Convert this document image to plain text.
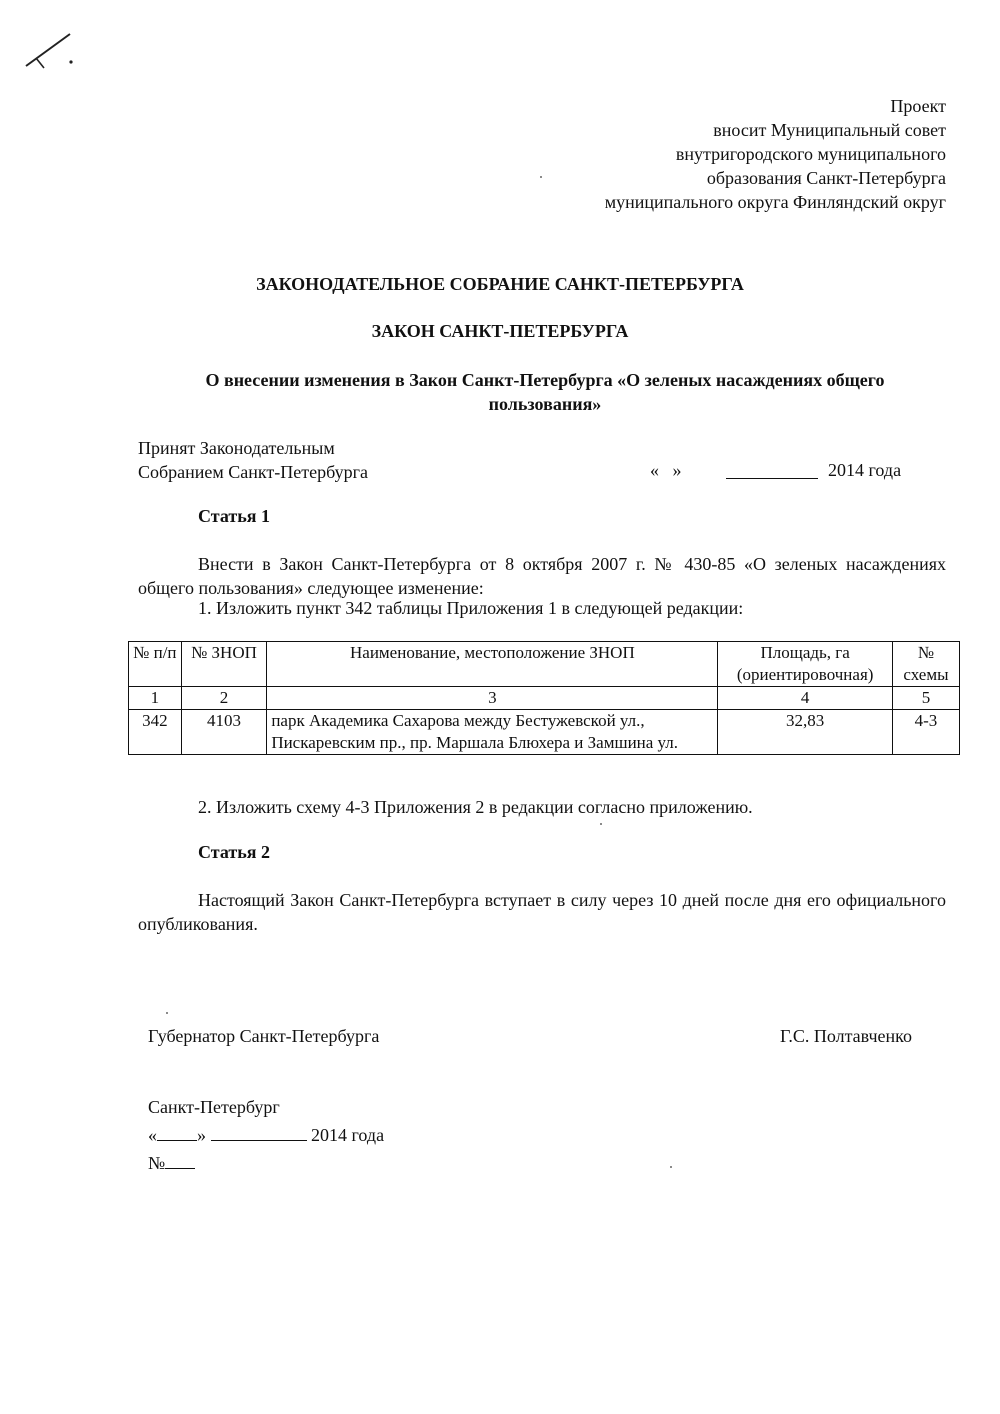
Проект
вносит Муниципальный совет
внутригородского муниципального
образования Санкт-Петербурга
муниципального округа Финляндский округ
ЗАКОНОДАТЕЛЬНОЕ СОБРАНИЕ САНКТ-ПЕТЕРБУРГА
ЗАКОН САНКТ-ПЕТЕРБУРГА
О внесении изменения в Закон Санкт-Петербурга «О зеленых насаждениях общего пользования»
Принят Законодательным
Собранием Санкт-Петербурга	«   »	2014 года
Статья 1
Внести в Закон Санкт-Петербурга от 8 октября 2007 г. № 430-85 «О зеленых насаждениях общего пользования» следующее изменение:
1. Изложить пункт 342 таблицы Приложения 1 в следующей редакции:
№ п/п	№ ЗНОП	Наименование, местоположение ЗНОП	Площадь, га (ориентировочная)	№ схемы
1	2	3	4	5
342	4103	парк Академика Сахарова между Бестужевской ул., Пискаревским пр., пр. Маршала Блюхера и Замшина ул.	32,83	4-3
2. Изложить схему 4-3 Приложения 2 в редакции согласно приложению.
Статья 2
Настоящий Закон Санкт-Петербурга вступает в силу через 10 дней после дня его официального опубликования.
Губернатор Санкт-Петербурга	Г.С. Полтавченко
Санкт-Петербург
« »	2014 года
№
